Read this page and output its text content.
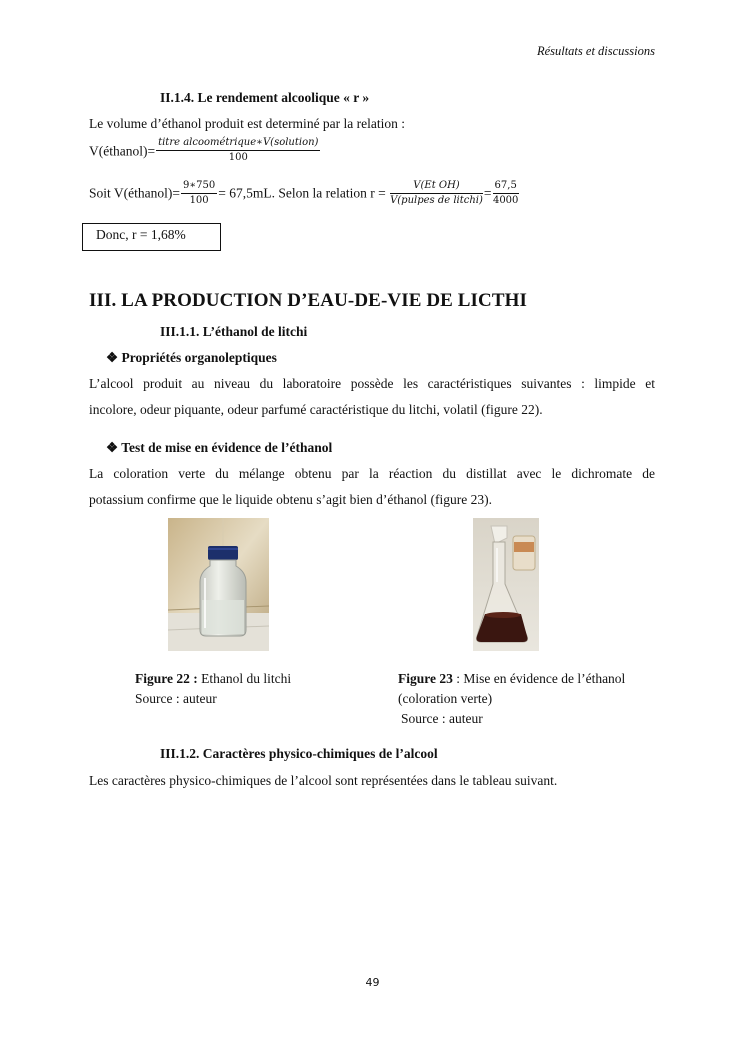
Résultats et discussions
II.1.4. Le rendement alcoolique « r »
Le volume d’éthanol produit est determiné par la relation :
V(éthanol)= $\frac{\text{titre alcoométrique∗V(solution)}}{100}$
Soit V(éthanol)= $\frac{9∗750}{100} = 67,5mL$. Selon la relation $r = \frac{\text{V(Et OH)}}{\text{V(pulpes de litchi)}} = \frac{67,5}{4000}$
Donc, r = 1,68%
III. LA PRODUCTION D’EAU-DE-VIE DE LICTHI
III.1.1. L’éthanol de litchi
❖ Propriétés organoleptiques
L’alcool produit au niveau du laboratoire possède les caractéristiques suivantes : limpide et
incolore, odeur piquante, odeur parfumé caractéristique du litchi, volatil (figure 22).
❖ Test de mise en évidence de l’éthanol
La coloration verte du mélange obtenu par la réaction du distillat avec le dichromate de
potassium confirme que le liquide obtenu s’agit bien d’éthanol (figure 23).
Figure 22 : Ethanol du litchi
Source : auteur
Figure 23 : Mise en évidence de l’éthanol
(coloration verte)
Source : auteur
III.1.2. Caractères physico-chimiques de l’alcool
Les caractères physico-chimiques de l’alcool sont représentées dans le tableau suivant.
49
